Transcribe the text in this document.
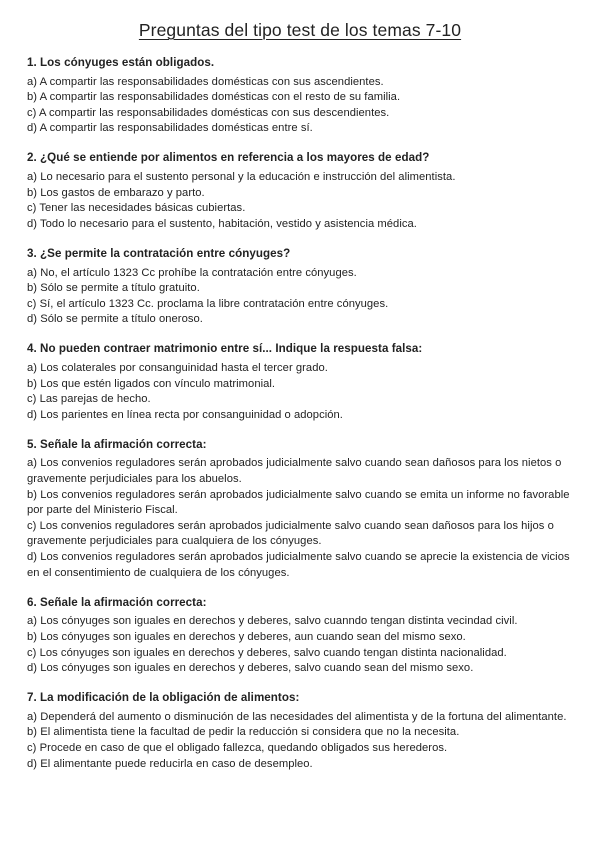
Preguntas del tipo test de los temas 7-10

1. Los cónyuges están obligados.

a) A compartir las responsabilidades domésticas con sus ascendientes.
b) A compartir las responsabilidades domésticas con el resto de su familia.
c) A compartir las responsabilidades domésticas con sus descendientes.
d) A compartir las responsabilidades domésticas entre sí.

2. ¿Qué se entiende por alimentos en referencia a los mayores de edad?

a) Lo necesario para el sustento personal y la educación e instrucción del alimentista.
b) Los gastos de embarazo y parto.
c) Tener las necesidades básicas cubiertas.
d) Todo lo necesario para el sustento, habitación, vestido y asistencia médica.

3. ¿Se permite la contratación entre cónyuges?

a) No, el artículo 1323 Cc prohíbe la contratación entre cónyuges.
b) Sólo se permite a título gratuito.
c) Sí, el artículo 1323 Cc. proclama la libre contratación entre cónyuges.
d) Sólo se permite a título oneroso.

4. No pueden contraer matrimonio entre sí... Indique la respuesta falsa:

a) Los colaterales por consanguinidad hasta el tercer grado.
b) Los que estén ligados con vínculo matrimonial.
c) Las parejas de hecho.
d) Los parientes en línea recta por consanguinidad o adopción.

5. Señale la afirmación correcta:

a) Los convenios reguladores serán aprobados judicialmente salvo cuando sean dañosos para los nietos o gravemente perjudiciales para los abuelos.
b) Los convenios reguladores serán aprobados judicialmente salvo cuando se emita un informe no favorable por parte del Ministerio Fiscal.
c) Los convenios reguladores serán aprobados judicialmente salvo cuando sean dañosos para los hijos o gravemente perjudiciales para cualquiera de los cónyuges.
d) Los convenios reguladores serán aprobados judicialmente salvo cuando se aprecie la existencia de vicios en el consentimiento de cualquiera de los cónyuges.

6. Señale la afirmación correcta:

a) Los cónyuges son iguales en derechos y deberes, salvo cuanndo tengan distinta vecindad civil.
b) Los cónyuges son iguales en derechos y deberes, aun cuando sean del mismo sexo.
c) Los cónyuges son iguales en derechos y deberes, salvo cuando tengan distinta nacionalidad.
d) Los cónyuges son iguales en derechos y deberes, salvo cuando sean del mismo sexo.

7. La modificación de la obligación de alimentos:

a) Dependerá del aumento o disminución de las necesidades del alimentista y de la fortuna del alimentante.
b) El alimentista tiene la facultad de pedir la reducción si considera que no la necesita.
c) Procede en caso de que el obligado fallezca, quedando obligados sus herederos.
d) El alimentante puede reducirla en caso de desempleo.
